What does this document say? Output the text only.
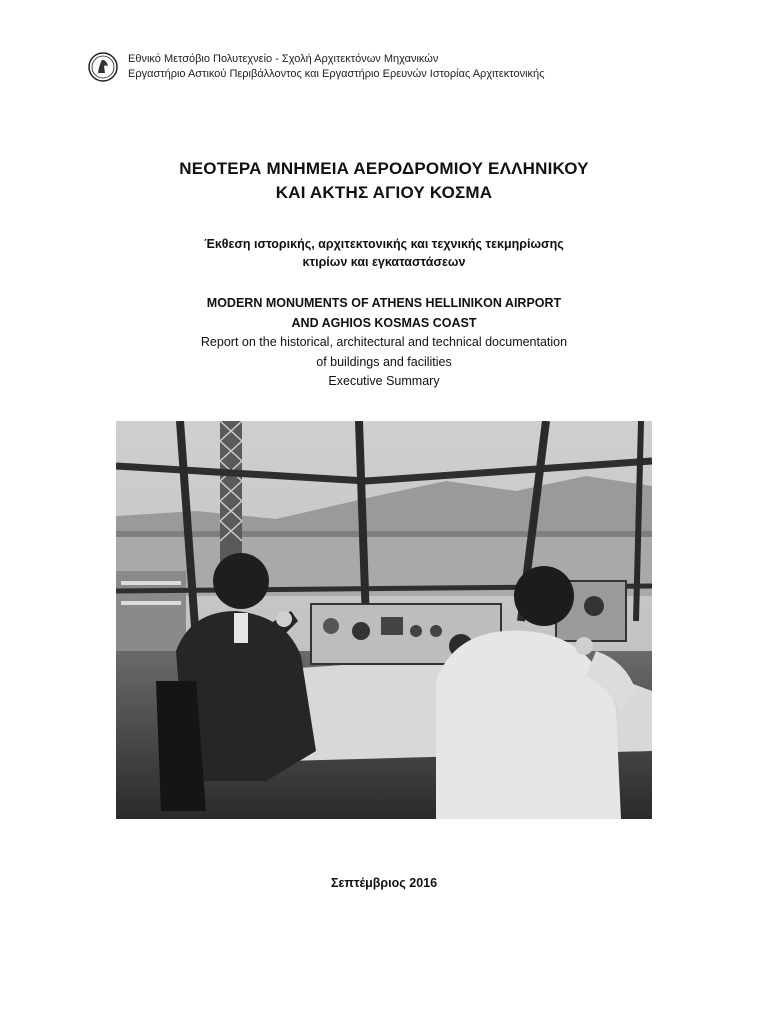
Εθνικό Μετσόβιο Πολυτεχνείο - Σχολή Αρχιτεκτόνων Μηχανικών
Εργαστήριο Αστικού Περιβάλλοντος και Εργαστήριο Ερευνών Ιστορίας Αρχιτεκτονικής
ΝΕΟΤΕΡΑ ΜΝΗΜΕΙΑ ΑΕΡΟΔΡΟΜΙΟΥ ΕΛΛΗΝΙΚΟΥ
ΚΑΙ ΑΚΤΗΣ ΑΓΙΟΥ ΚΟΣΜΑ
Έκθεση ιστορικής, αρχιτεκτονικής και τεχνικής τεκμηρίωσης
κτιρίων και εγκαταστάσεων
MODERN MONUMENTS OF ATHENS HELLINIKON AIRPORT
AND AGHIOS KOSMAS COAST
Report on the historical, architectural and technical documentation
of buildings and facilities
Executive Summary
Σεπτέμβριος 2016
